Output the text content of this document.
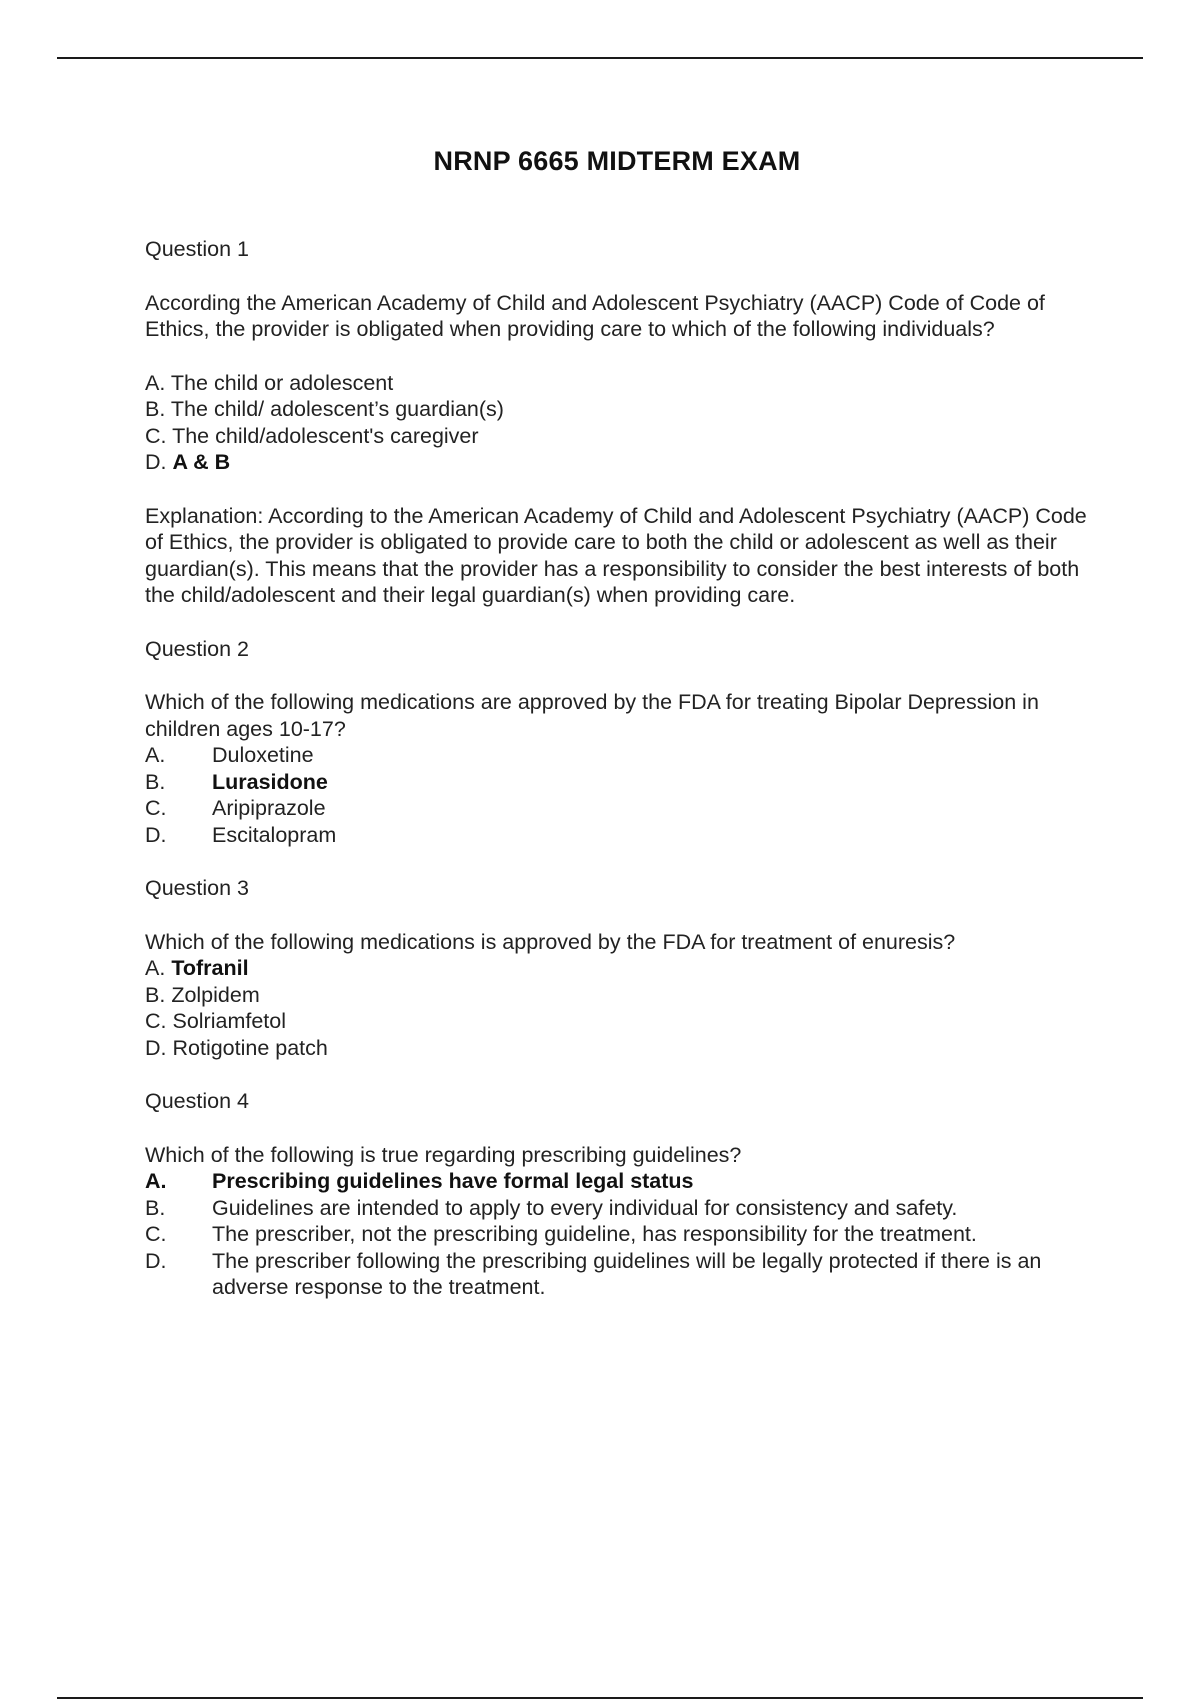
NRNP 6665 MIDTERM EXAM
Question 1
According the American Academy of Child and Adolescent Psychiatry (AACP) Code of Code of Ethics, the provider is obligated when providing care to which of the following individuals?
A. The child or adolescent
B. The child/ adolescent’s guardian(s)
C. The child/adolescent's caregiver
D. A & B
Explanation: According to the American Academy of Child and Adolescent Psychiatry (AACP) Code of Ethics, the provider is obligated to provide care to both the child or adolescent as well as their guardian(s). This means that the provider has a responsibility to consider the best interests of both the child/adolescent and their legal guardian(s) when providing care.
Question 2
Which of the following medications are approved by the FDA for treating Bipolar Depression in children ages 10-17?
A.	Duloxetine
B.	Lurasidone
C.	Aripiprazole
D.	Escitalopram
Question 3
Which of the following medications is approved by the FDA for treatment of enuresis?
A. Tofranil
B. Zolpidem
C. Solriamfetol
D. Rotigotine patch
Question 4
Which of the following is true regarding prescribing guidelines?
A.	Prescribing guidelines have formal legal status
B.	Guidelines are intended to apply to every individual for consistency and safety.
C.	The prescriber, not the prescribing guideline, has responsibility for the treatment.
D.	The prescriber following the prescribing guidelines will be legally protected if there is an adverse response to the treatment.
